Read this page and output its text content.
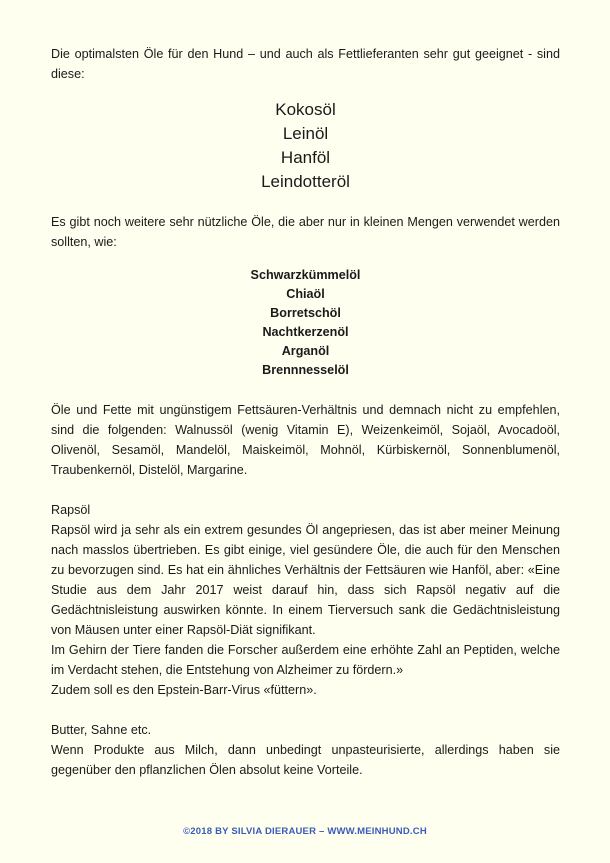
Die optimalsten Öle für den Hund – und auch als Fettlieferanten sehr gut geeignet - sind diese:

Kokosöl
Leinöl
Hanföl
Leindotteröl

Es gibt noch weitere sehr nützliche Öle, die aber nur in kleinen Mengen verwendet werden sollten, wie:

Schwarzkümmelöl
Chiaöl
Borretschöl
Nachtkerzenöl
Arganöl
Brennnesselöl

Öle und Fette mit ungünstigem Fettsäuren-Verhältnis und demnach nicht zu empfehlen, sind die folgenden: Walnussöl (wenig Vitamin E), Weizenkeimöl, Sojaöl, Avocadoöl, Olivenöl, Sesamöl, Mandelöl, Maiskeimöl, Mohnöl, Kürbiskernöl, Sonnenblumenöl, Traubenkernöl, Distelöl, Margarine.

Rapsöl

Rapsöl wird ja sehr als ein extrem gesundes Öl angepriesen, das ist aber meiner Meinung nach masslos übertrieben. Es gibt einige, viel gesündere Öle, die auch für den Menschen zu bevorzugen sind. Es hat ein ähnliches Verhältnis der Fettsäuren wie Hanföl, aber: «Eine Studie aus dem Jahr 2017 weist darauf hin, dass sich Rapsöl negativ auf die Gedächtnisleistung auswirken könnte. In einem Tierversuch sank die Gedächtnisleistung von Mäusen unter einer Rapsöl-Diät signifikant.

Im Gehirn der Tiere fanden die Forscher außerdem eine erhöhte Zahl an Peptiden, welche im Verdacht stehen, die Entstehung von Alzheimer zu fördern.»

Zudem soll es den Epstein-Barr-Virus «füttern».

Butter, Sahne etc.

Wenn Produkte aus Milch, dann unbedingt unpasteurisierte, allerdings haben sie gegenüber den pflanzlichen Ölen absolut keine Vorteile.

©2018 BY SILVIA DIERAUER – WWW.MEINHUND.CH
